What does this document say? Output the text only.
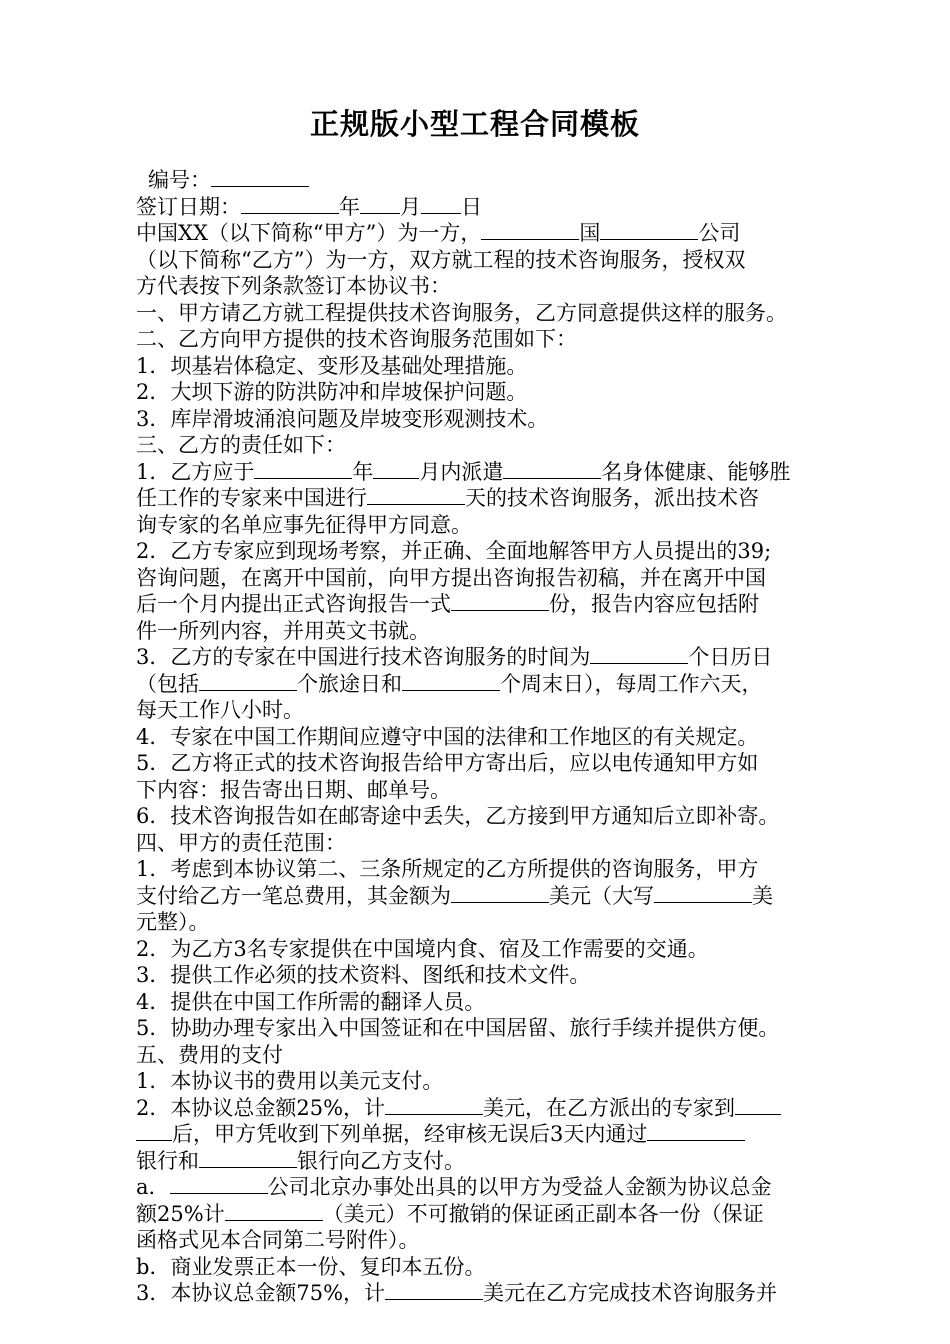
正规版小型工程合同模板
编号：
签订日期：	年 月 日
中国XX（以下简称“甲方”）为一方，	国	公司
（以下简称“乙方”）为一方，双方就工程的技术咨询服务，授权双
方代表按下列条款签订本协议书：
一、甲方请乙方就工程提供技术咨询服务，乙方同意提供这样的服务。
二、乙方向甲方提供的技术咨询服务范围如下：
1．坝基岩体稳定、变形及基础处理措施。
2．大坝下游的防洪防冲和岸坡保护问题。
3．库岸滑坡涌浪问题及岸坡变形观测技术。
三、乙方的责任如下：
1．乙方应于	年 月内派遣	名身体健康、能够胜
任工作的专家来中国进行	天的技术咨询服务，派出技术咨
询专家的名单应事先征得甲方同意。
2．乙方专家应到现场考察，并正确、全面地解答甲方人员提出的39;
咨询问题，在离开中国前，向甲方提出咨询报告初稿，并在离开中国
后一个月内提出正式咨询报告一式	份，报告内容应包括附
件一所列内容，并用英文书就。
3．乙方的专家在中国进行技术咨询服务的时间为	个日历日
（包括	个旅途日和	个周末日），每周工作六天，
每天工作八小时。
4．专家在中国工作期间应遵守中国的法律和工作地区的有关规定。
5．乙方将正式的技术咨询报告给甲方寄出后，应以电传通知甲方如
下内容：报告寄出日期、邮单号。
6．技术咨询报告如在邮寄途中丢失，乙方接到甲方通知后立即补寄。
四、甲方的责任范围：
1．考虑到本协议第二、三条所规定的乙方所提供的咨询服务，甲方
支付给乙方一笔总费用，其金额为	美元（大写	美
元整）。
2．为乙方3名专家提供在中国境内食、宿及工作需要的交通。
3．提供工作必须的技术资料、图纸和技术文件。
4．提供在中国工作所需的翻译人员。
5．协助办理专家出入中国签证和在中国居留、旅行手续并提供方便。
五、费用的支付
1．本协议书的费用以美元支付。
2．本协议总金额25%，计	美元，在乙方派出的专家到
后，甲方凭收到下列单据，经审核无误后3天内通过
银行和	银行向乙方支付。
a．	公司北京办事处出具的以甲方为受益人金额为协议总金
额25%计	（美元）不可撤销的保证函正副本各一份（保证
函格式见本合同第二号附件）。
b．商业发票正本一份、复印本五份。
3．本协议总金额75%，计	美元在乙方完成技术咨询服务并
